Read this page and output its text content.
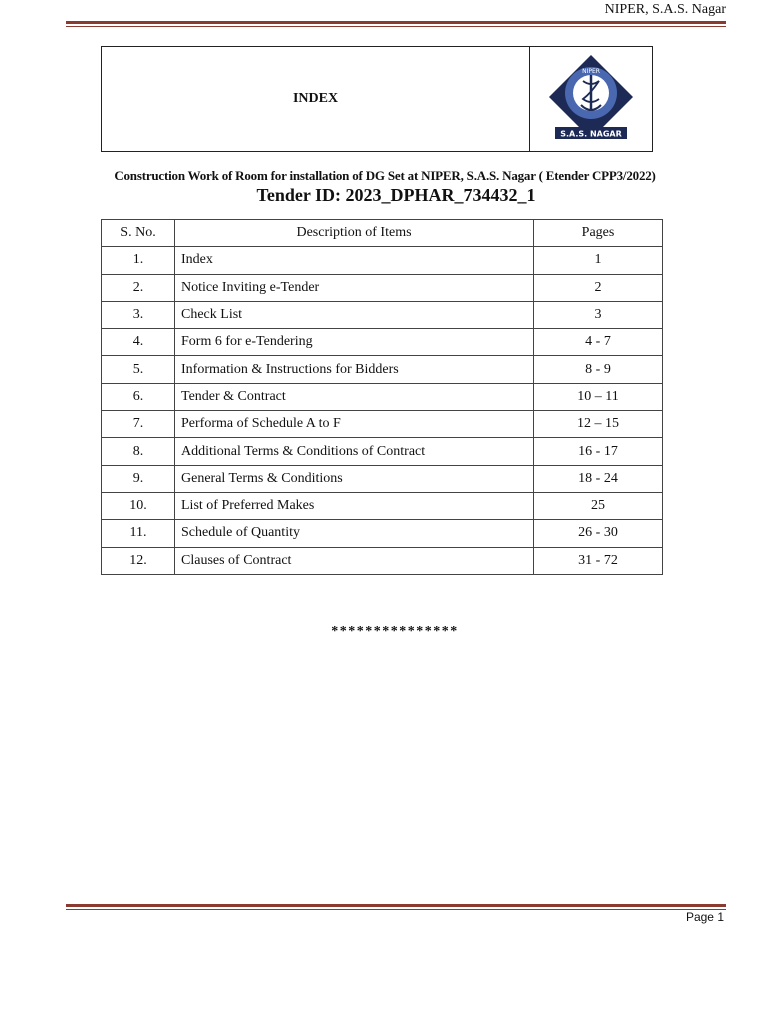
NIPER, S.A.S. Nagar
INDEX
NIPER
S.A.S. NAGAR
Construction Work of Room for installation of DG Set at NIPER, S.A.S. Nagar ( Etender CPP3/2022)
Tender ID: 2023_DPHAR_734432_1
S. No.	Description of Items	Pages
1.	Index	1
2.	Notice Inviting e-Tender	2
3.	Check List	3
4.	Form 6 for e-Tendering	4 - 7
5.	Information & Instructions for Bidders	8 - 9
6.	Tender & Contract	10 – 11
7.	Performa of Schedule A to F	12 – 15
8.	Additional Terms & Conditions of Contract	16 - 17
9.	General Terms & Conditions	18 - 24
10.	List of Preferred Makes	25
11.	Schedule of Quantity	26 - 30
12.	Clauses of Contract	31 - 72
***************
Page 1
